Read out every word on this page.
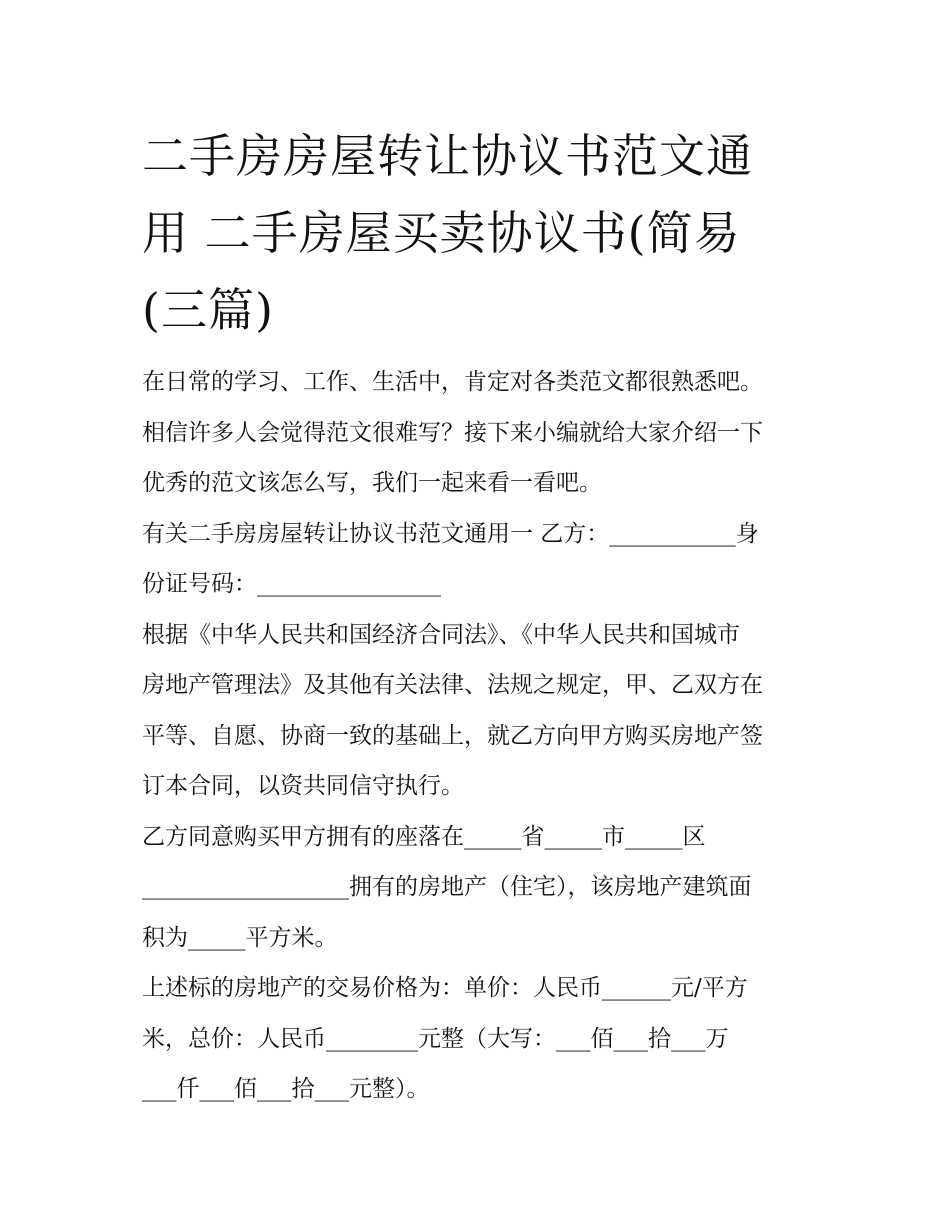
二手房房屋转让协议书范文通
用 二手房屋买卖协议书(简易
(三篇)

在日常的学习、工作、生活中，肯定对各类范文都很熟悉吧。
相信许多人会觉得范文很难写？接下来小编就给大家介绍一下
优秀的范文该怎么写，我们一起来看一看吧。

有关二手房房屋转让协议书范文通用一 乙方：___________身
份证号码：________________

根据《中华人民共和国经济合同法》、《中华人民共和国城市
房地产管理法》及其他有关法律、法规之规定，甲、乙双方在
平等、自愿、协商一致的基础上，就乙方向甲方购买房地产签
订本合同，以资共同信守执行。

乙方同意购买甲方拥有的座落在_____省_____市_____区
__________________拥有的房地产（住宅），该房地产建筑面
积为_____平方米。

上述标的房地产的交易价格为：单价：人民币______元/平方
米，总价：人民币________元整（大写：___佰___拾___万
___仟___佰___拾___元整）。
